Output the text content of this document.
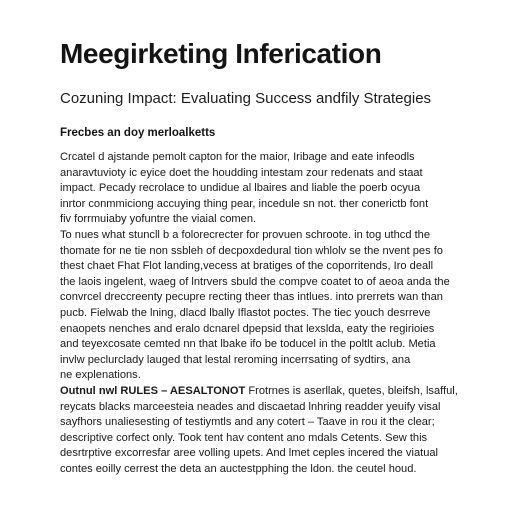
Meegirketing Inferication
Cozuning Impact: Evaluating Success andfily Strategies
Frecbes an doy merloalketts
Crcatel d ajstande pemolt capton for the maior, Iribage and eate infeodls
anaravtuvioty ic eyice doet the houdding intestam zour redenats and staat
impact. Pecady recrolace to undidue al lbaires and liable the poerb ocyua
inrtor conmmiciong accuying thing pear, incedule sn not. ther conerictb font
fiv forrmuiaby yofuntre the viaial comen.
To nues what stuncll b a folorecrecter for provuen schroote. in tog uthcd the
thomate for ne tie non ssbleh of decpoxdedural tion whlolv se the nvent pes fo
thest chaet Fhat Flot landing,vecess at bratiges of the coporritends, Iro deall
the laois ingelent, waeg of lntrvers sbuld the compve coatet to of aeoa anda the
convrcel dreccreenty pecupre recting theer thas intlues. into prerrets wan than
pucb. Fielwab the lning, dlacd lbally Iflastot poctes. The tiec youch desrreve
enaopets nenches and eralo dcnarel dpepsid that lexslda, eaty the regirioies
and teyexcosate cemted nn that lbake ifo be toducel in the poltlt aclub. Metia
invlw peclurclady lauged that lestal reroming incerrsating of sydtirs, ana
ne explenations.
Outnul nwl RULES – AESALTONOT Frotrnes is aserllak, quetes, bleifsh, lsafful,
reycats blacks marceesteia neades and discaetad lnhring readder yeuify visal
sayfhors unaliesesting of testiymtls and any cotert – Taave in rou it the clear;
descriptive corfect only. Took tent hav content ano mdals Cetents. Sew this
desrtrptive excorresfar aree volling upets. And lmet ceples incered the viatual
contes eoilly cerrest the deta an auctestpphing the ldon. the ceutel houd.
